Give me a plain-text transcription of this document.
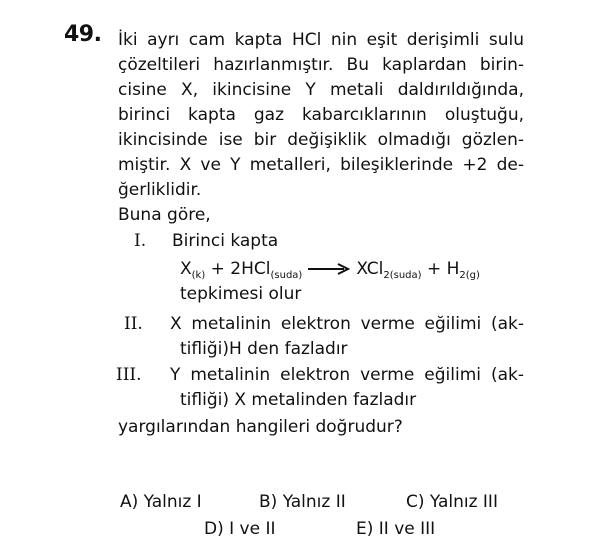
49. İki ayrı cam kapta HCl nin eşit derişimli sulu
çözeltileri hazırlanmıştır. Bu kaplardan birin-
cisine X, ikincisine Y metali daldırıldığında,
birinci kapta gaz kabarcıklarının oluştuğu,
ikincisinde ise bir değişiklik olmadığı gözlen-
miştir. X ve Y metalleri, bileşiklerinde +2 de-
ğerliklidir.
Buna göre,
I.	Birinci kapta
$X_{(k)} + 2HCl_{(suda)} \to XCl_{2(suda)} + H_{2(g)}$
tepkimesi olur
II.	X metalinin elektron verme eğilimi (ak-
tifliği)H den fazladır
III.	Y metalinin elektron verme eğilimi (ak-
tifliği) X metalinden fazladır
yargılarından hangileri doğrudur?
A) Yalnız I	B) Yalnız II	C) Yalnız III
D) I ve II	E) II ve III
